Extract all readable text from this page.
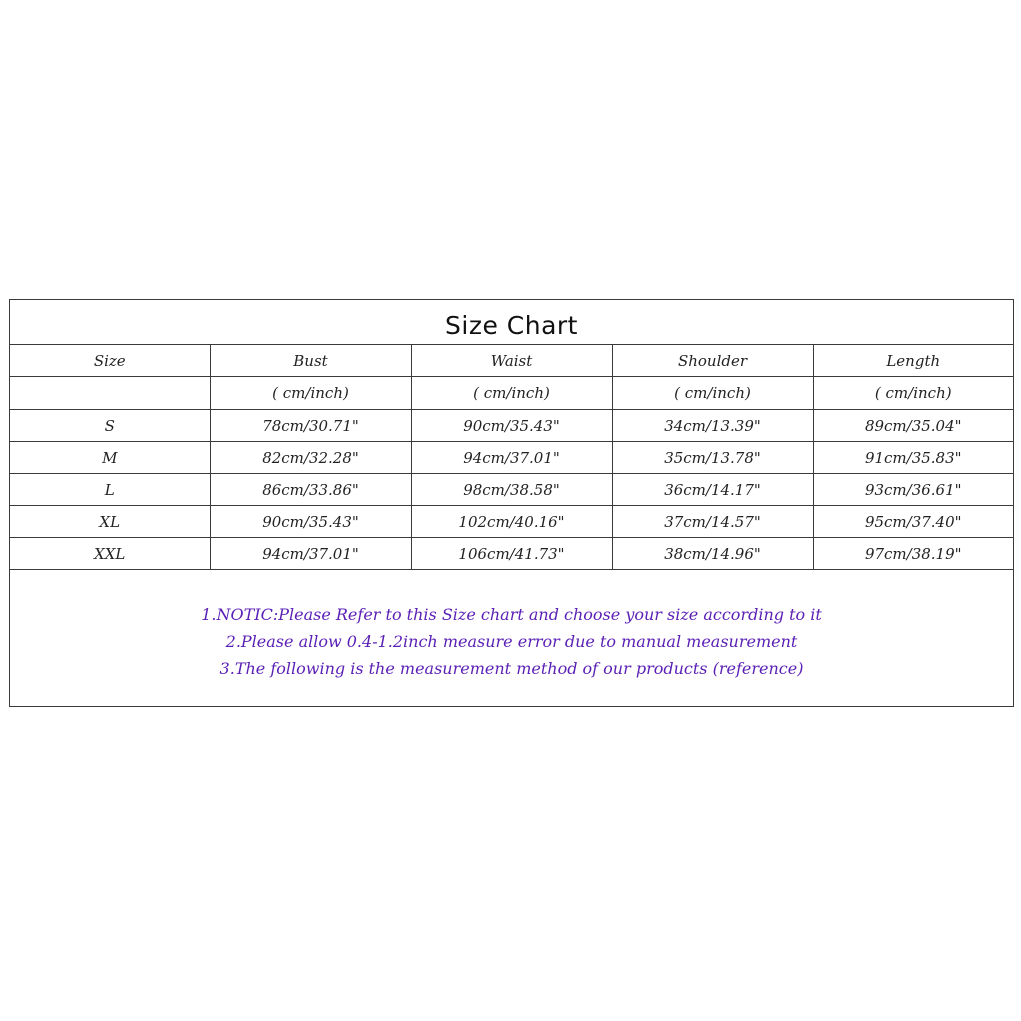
Size Chart
Size	Bust	Waist	Shoulder	Length
	( cm/inch)	( cm/inch)	( cm/inch)	( cm/inch)
S	78cm/30.71"	90cm/35.43"	34cm/13.39"	89cm/35.04"
M	82cm/32.28"	94cm/37.01"	35cm/13.78"	91cm/35.83"
L	86cm/33.86"	98cm/38.58"	36cm/14.17"	93cm/36.61"
XL	90cm/35.43"	102cm/40.16"	37cm/14.57"	95cm/37.40"
XXL	94cm/37.01"	106cm/41.73"	38cm/14.96"	97cm/38.19"
1.NOTIC:Please Refer to this Size chart and choose your size according to it
2.Please allow 0.4-1.2inch measure error due to manual measurement
3.The following is the measurement method of our products (reference)
